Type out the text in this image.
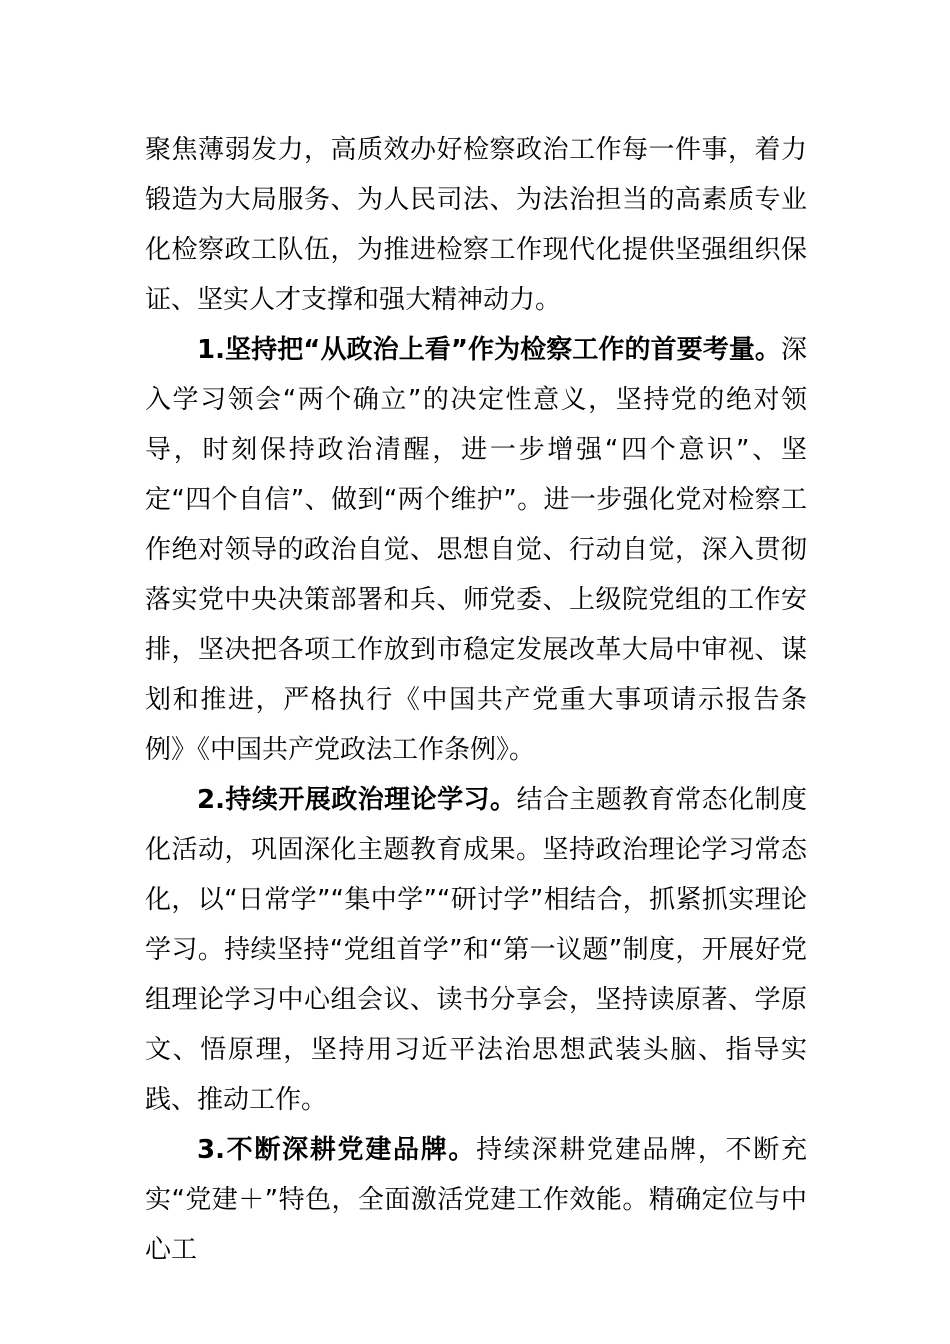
聚焦薄弱发力，高质效办好检察政治工作每一件事，着力锻造为大局服务、为人民司法、为法治担当的高素质专业化检察政工队伍，为推进检察工作现代化提供坚强组织保证、坚实人才支撑和强大精神动力。

1.坚持把“从政治上看”作为检察工作的首要考量。深入学习领会“两个确立”的决定性意义，坚持党的绝对领导，时刻保持政治清醒，进一步增强“四个意识”、坚定“四个自信”、做到“两个维护”。进一步强化党对检察工作绝对领导的政治自觉、思想自觉、行动自觉，深入贯彻落实党中央决策部署和兵、师党委、上级院党组的工作安排，坚决把各项工作放到市稳定发展改革大局中审视、谋划和推进，严格执行《中国共产党重大事项请示报告条例》《中国共产党政法工作条例》。

2.持续开展政治理论学习。结合主题教育常态化制度化活动，巩固深化主题教育成果。坚持政治理论学习常态化，以“日常学”“集中学”“研讨学”相结合，抓紧抓实理论学习。持续坚持“党组首学”和“第一议题”制度，开展好党组理论学习中心组会议、读书分享会，坚持读原著、学原文、悟原理，坚持用习近平法治思想武装头脑、指导实践、推动工作。

3.不断深耕党建品牌。持续深耕党建品牌，不断充实“党建＋”特色，全面激活党建工作效能。精确定位与中心工
